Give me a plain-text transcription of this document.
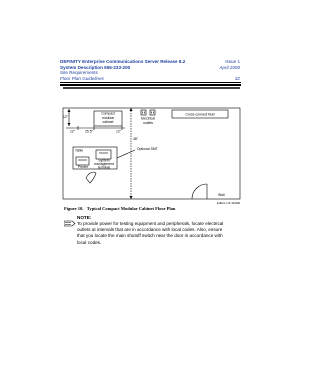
DEFINITY Enterprise Communications Server Release 8.2
System Description 555-233-200
Site Requirements
Floor Plan Guidelines
Issue 1
April 2000
32
12"
Compact
modular
cabinet
Electrical
outlets
Cross-connect field
12"	25.5"	12"
48"
Table
Printer
System
management
terminal
Optional SMT
Wall
fpdfloor LJK 101999
Figure 10. Typical Compact Modular Cabinet Floor Plan
NOTE:
To provide power for testing equipment and peripherals, locate electrical
outlets at intervals that are in accordance with local codes. Also, ensure
that you locate the main shutoff switch near the door in accordance with
local codes.
